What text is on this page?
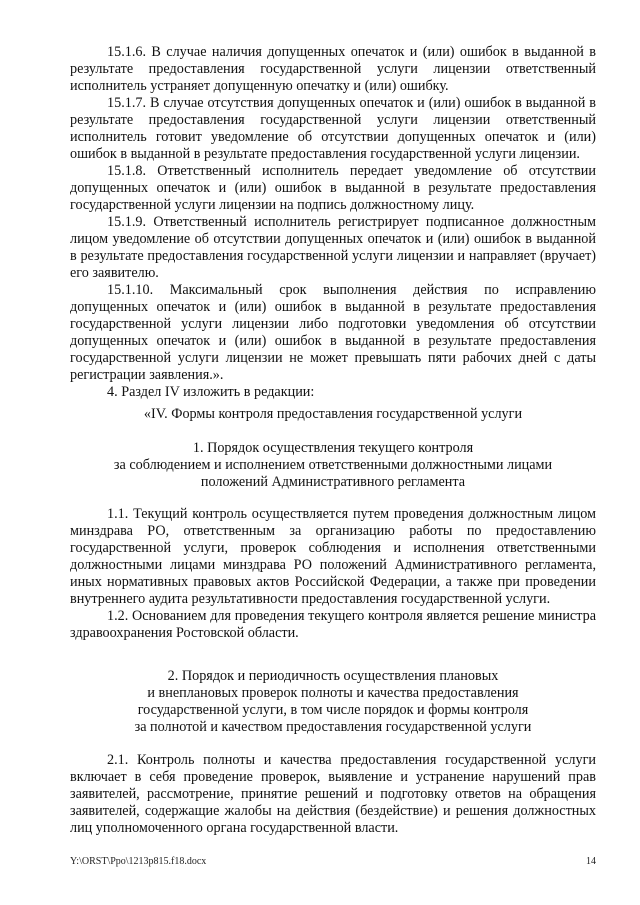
15.1.6. В случае наличия допущенных опечаток и (или) ошибок в выданной в результате предоставления государственной услуги лицензии ответственный исполнитель устраняет допущенную опечатку и (или) ошибку.

15.1.7. В случае отсутствия допущенных опечаток и (или) ошибок в выданной в результате предоставления государственной услуги лицензии ответственный исполнитель готовит уведомление об отсутствии допущенных опечаток и (или) ошибок в выданной в результате предоставления государственной услуги лицензии.

15.1.8. Ответственный исполнитель передает уведомление об отсутствии допущенных опечаток и (или) ошибок в выданной в результате предоставления государственной услуги лицензии на подпись должностному лицу.

15.1.9. Ответственный исполнитель регистрирует подписанное должностным лицом уведомление об отсутствии допущенных опечаток и (или) ошибок в выданной в результате предоставления государственной услуги лицензии и направляет (вручает) его заявителю.

15.1.10. Максимальный срок выполнения действия по исправлению допущенных опечаток и (или) ошибок в выданной в результате предоставления государственной услуги лицензии либо подготовки уведомления об отсутствии допущенных опечаток и (или) ошибок в выданной в результате предоставления государственной услуги лицензии не может превышать пяти рабочих дней с даты регистрации заявления.».

4. Раздел IV изложить в редакции:

«IV. Формы контроля предоставления государственной услуги

1. Порядок осуществления текущего контроля

за соблюдением и исполнением ответственными должностными лицами

положений Административного регламента

1.1. Текущий контроль осуществляется путем проведения должностным лицом минздрава РО, ответственным за организацию работы по предоставлению государственной услуги, проверок соблюдения и исполнения ответственными должностными лицами минздрава РО положений Административного регламента, иных нормативных правовых актов Российской Федерации, а также при проведении внутреннего аудита результативности предоставления государственной услуги.

1.2. Основанием для проведения текущего контроля является решение министра здравоохранения Ростовской области.

2. Порядок и периодичность осуществления плановых

и внеплановых проверок полноты и качества предоставления

государственной услуги, в том числе порядок и формы контроля

за полнотой и качеством предоставления государственной услуги

2.1. Контроль полноты и качества предоставления государственной услуги включает в себя проведение проверок, выявление и устранение нарушений прав заявителей, рассмотрение, принятие решений и подготовку ответов на обращения заявителей, содержащие жалобы на действия (бездействие) и решения должностных лиц уполномоченного органа государственной власти.

Y:\ORST\Ppo\1213p815.f18.docx	14
